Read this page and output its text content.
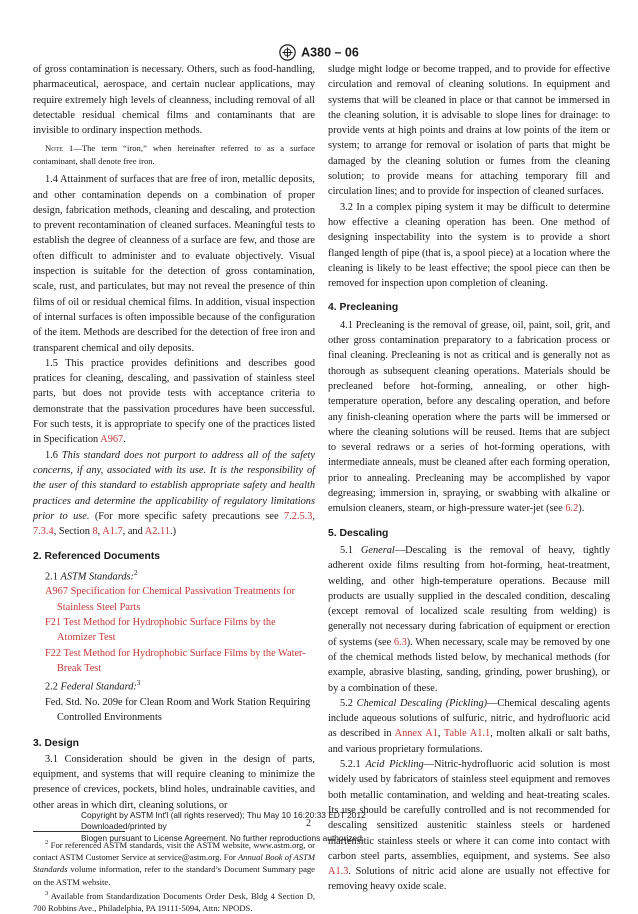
A380 – 06

of gross contamination is necessary. Others, such as food-handling, pharmaceutical, aerospace, and certain nuclear applications, may require extremely high levels of cleanness, including removal of all detectable residual chemical films and contaminants that are invisible to ordinary inspection methods.

Note 1—The term “iron,” when hereinafter referred to as a surface contaminant, shall denote free iron.

1.4 Attainment of surfaces that are free of iron, metallic deposits, and other contamination depends on a combination of proper design, fabrication methods, cleaning and descaling, and protection to prevent recontamination of cleaned surfaces. Meaningful tests to establish the degree of cleanness of a surface are few, and those are often difficult to administer and to evaluate objectively. Visual inspection is suitable for the detection of gross contamination, scale, rust, and particulates, but may not reveal the presence of thin films of oil or residual chemical films. In addition, visual inspection of internal surfaces is often impossible because of the configuration of the item. Methods are described for the detection of free iron and transparent chemical and oily deposits.

1.5 This practice provides definitions and describes good pratices for cleaning, descaling, and passivation of stainless steel parts, but does not provide tests with acceptance criteria to demonstrate that the passivation procedures have been successful. For such tests, it is appropriate to specify one of the practices listed in Specification A967.

1.6 This standard does not purport to address all of the safety concerns, if any, associated with its use. It is the responsibility of the user of this standard to establish appropriate safety and health practices and determine the applicability of regulatory limitations prior to use. (For more specific safety precautions see 7.2.5.3, 7.3.4, Section 8, A1.7, and A2.11.)

2. Referenced Documents

2.1 ASTM Standards:$^2$

A967 Specification for Chemical Passivation Treatments for Stainless Steel Parts

F21 Test Method for Hydrophobic Surface Films by the Atomizer Test

F22 Test Method for Hydrophobic Surface Films by the Water-Break Test

2.2 Federal Standard:$^3$

Fed. Std. No. 209e for Clean Room and Work Station Requiring Controlled Environments

3. Design

3.1 Consideration should be given in the design of parts, equipment, and systems that will require cleaning to minimize the presence of crevices, pockets, blind holes, undrainable cavities, and other areas in which dirt, cleaning solutions, or

$^2$ For referenced ASTM standards, visit the ASTM website, www.astm.org, or contact ASTM Customer Service at service@astm.org. For Annual Book of ASTM Standards volume information, refer to the standard’s Document Summary page on the ASTM website.

$^3$ Available from Standardization Documents Order Desk, Bldg 4 Section D, 700 Robbins Ave., Philadelphia, PA 19111-5094, Attn: NPODS.

sludge might lodge or become trapped, and to provide for effective circulation and removal of cleaning solutions. In equipment and systems that will be cleaned in place or that cannot be immersed in the cleaning solution, it is advisable to slope lines for drainage: to provide vents at high points and drains at low points of the item or system; to arrange for removal or isolation of parts that might be damaged by the cleaning solution or fumes from the cleaning solution; to provide means for attaching temporary fill and circulation lines; and to provide for inspection of cleaned surfaces.

3.2 In a complex piping system it may be difficult to determine how effective a cleaning operation has been. One method of designing inspectability into the system is to provide a short flanged length of pipe (that is, a spool piece) at a location where the cleaning is likely to be least effective; the spool piece can then be removed for inspection upon completion of cleaning.

4. Precleaning

4.1 Precleaning is the removal of grease, oil, paint, soil, grit, and other gross contamination preparatory to a fabrication process or final cleaning. Precleaning is not as critical and is generally not as thorough as subsequent cleaning operations. Materials should be precleaned before hot-forming, annealing, or other high-temperature operation, before any descaling operation, and before any finish-cleaning operation where the parts will be immersed or where the cleaning solutions will be reused. Items that are subject to several redraws or a series of hot-forming operations, with intermediate anneals, must be cleaned after each forming operation, prior to annealing. Precleaning may be accomplished by vapor degreasing; immersion in, spraying, or swabbing with alkaline or emulsion cleaners, steam, or high-pressure water-jet (see 6.2).

5. Descaling

5.1 General—Descaling is the removal of heavy, tightly adherent oxide films resulting from hot-forming, heat-treatment, welding, and other high-temperature operations. Because mill products are usually supplied in the descaled condition, descaling (except removal of localized scale resulting from welding) is generally not necessary during fabrication of equipment or erection of systems (see 6.3). When necessary, scale may be removed by one of the chemical methods listed below, by mechanical methods (for example, abrasive blasting, sanding, grinding, power brushing), or by a combination of these.

5.2 Chemical Descaling (Pickling)—Chemical descaling agents include aqueous solutions of sulfuric, nitric, and hydrofluoric acid as described in Annex A1, Table A1.1, molten alkali or salt baths, and various proprietary formulations.

5.2.1 Acid Pickling—Nitric-hydrofluoric acid solution is most widely used by fabricators of stainless steel equipment and removes both metallic contamination, and welding and heat-treating scales. Its use should be carefully controlled and is not recommended for descaling sensitized austenitic stainless steels or hardened martensitic stainless steels or where it can come into contact with carbon steel parts, assemblies, equipment, and systems. See also A1.3. Solutions of nitric acid alone are usually not effective for removing heavy oxide scale.

Copyright by ASTM Int'l (all rights reserved); Thu May 10 16:20:33 EDT 2012
Downloaded/printed by
Biogen pursuant to License Agreement. No further reproductions authorized.
2
